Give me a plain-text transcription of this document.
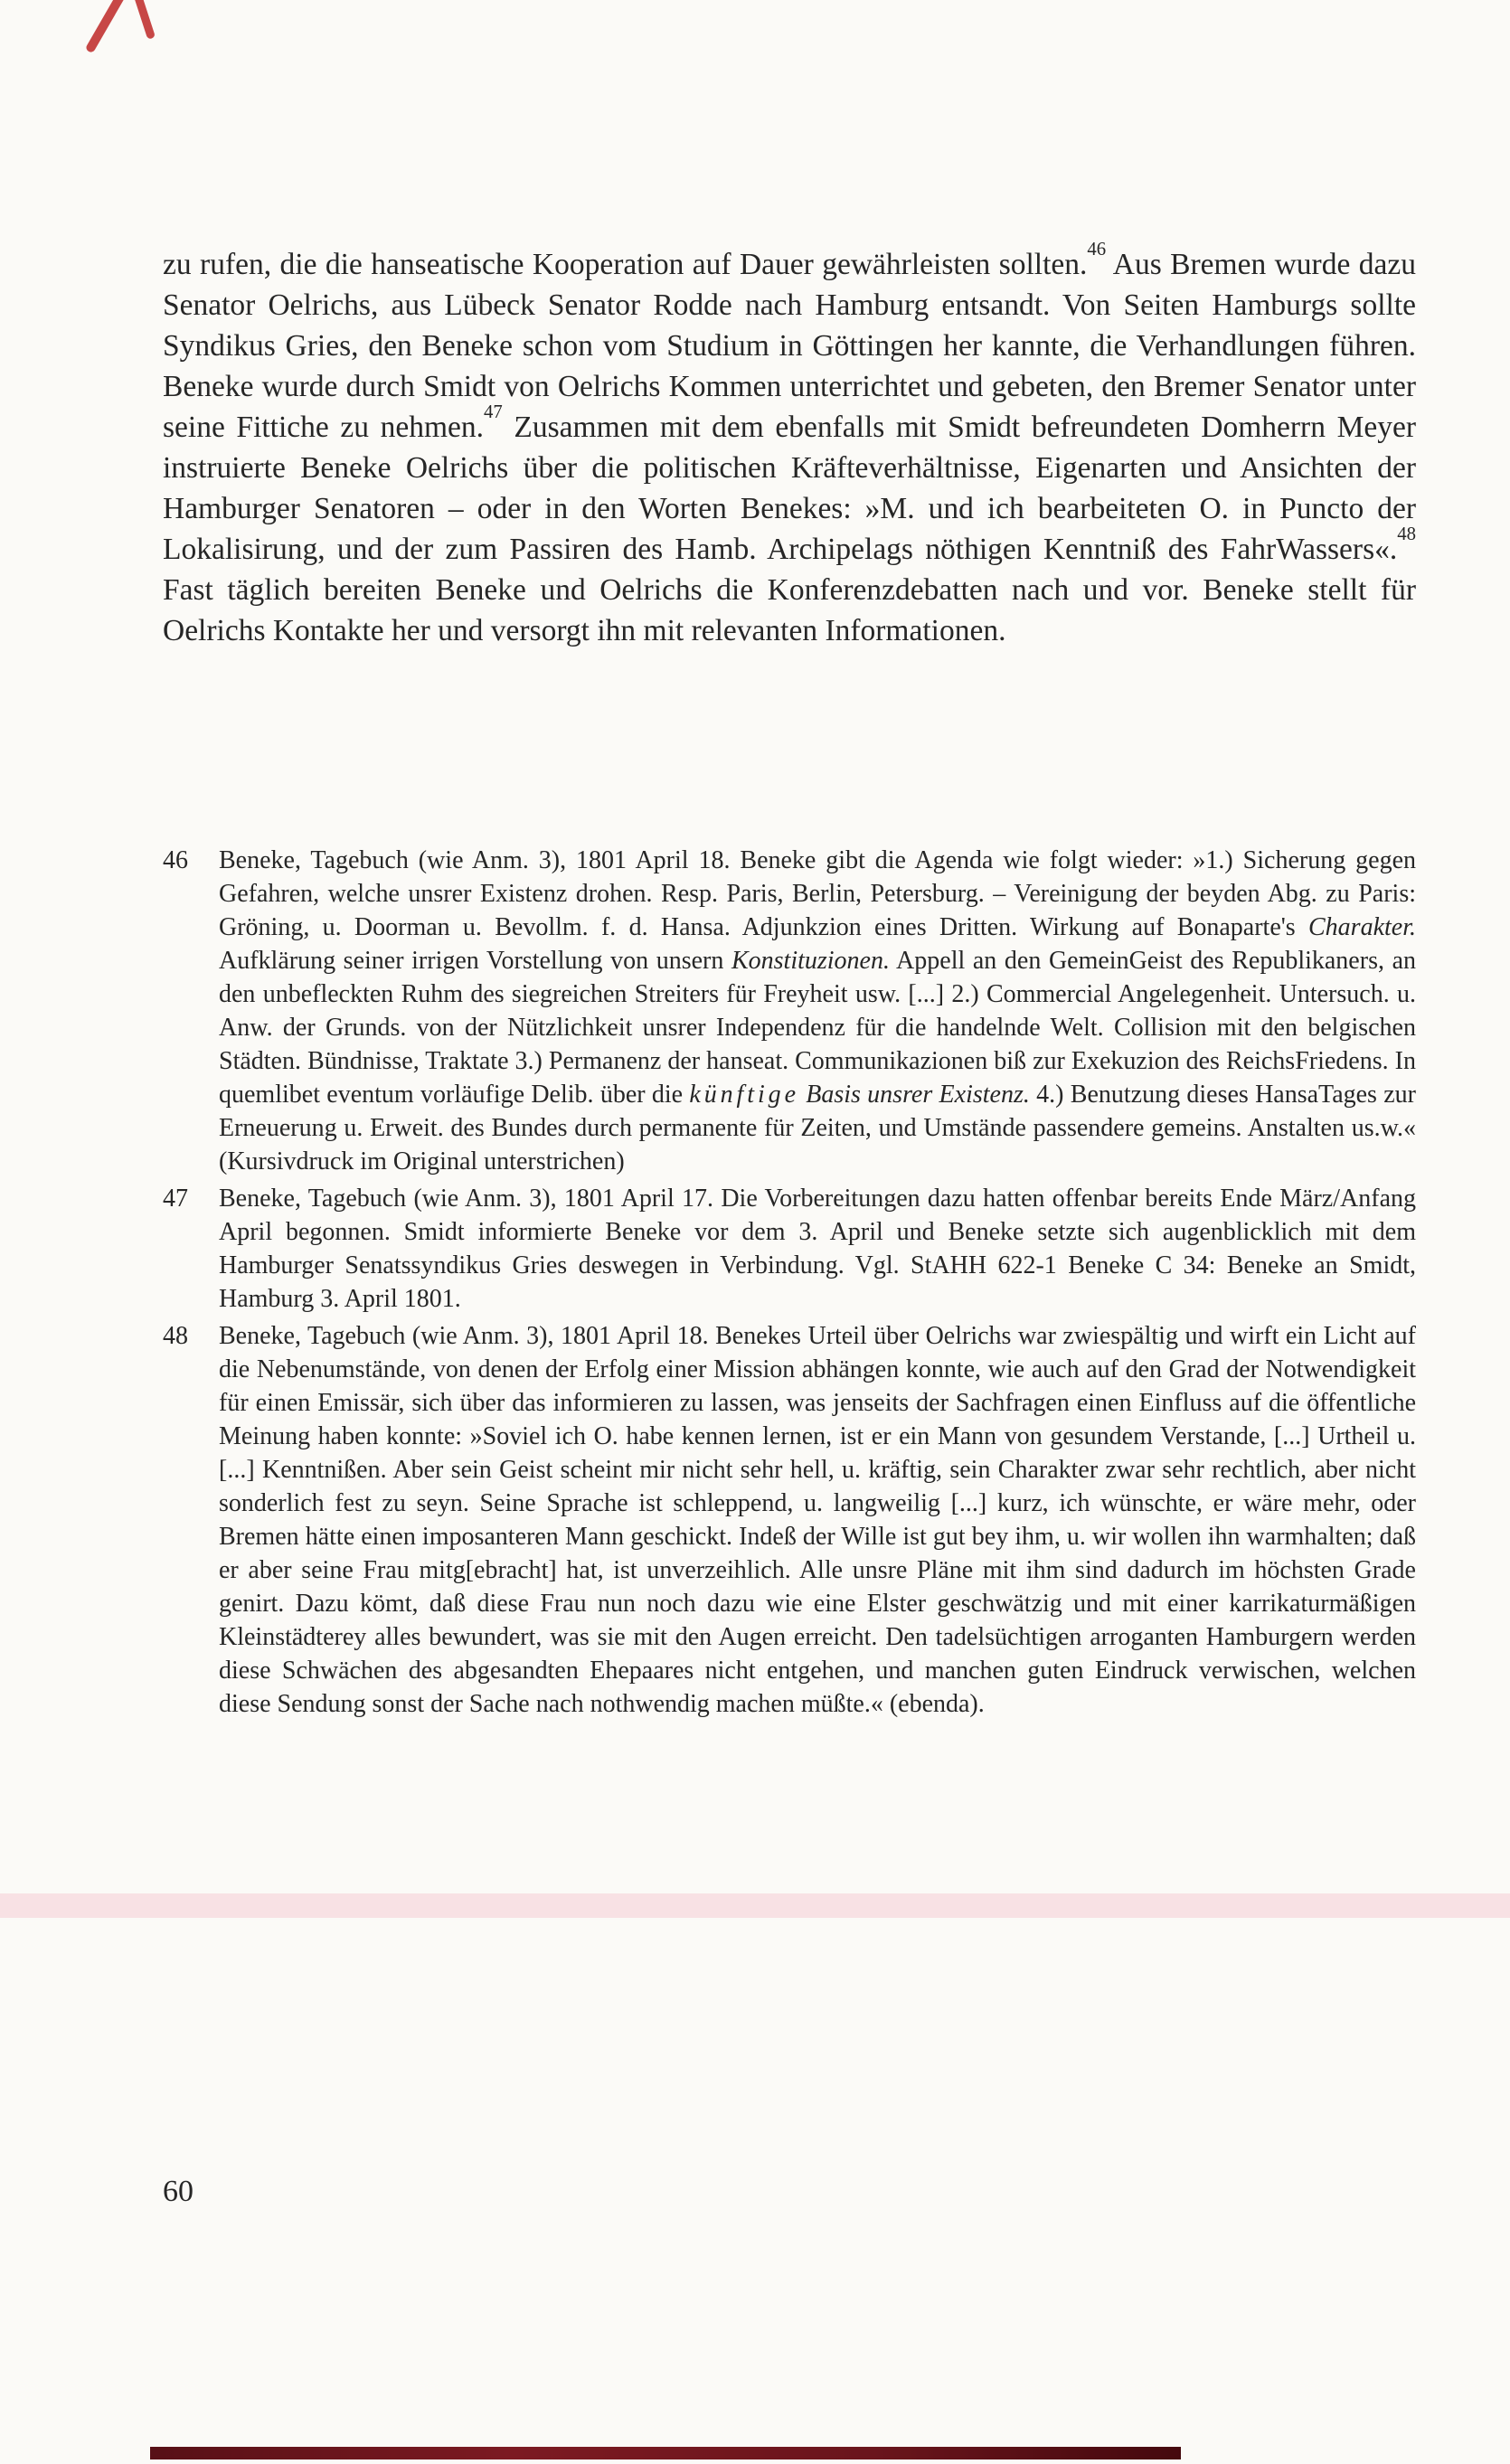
zu rufen, die die hanseatische Kooperation auf Dauer gewährleisten sollten.$^{46}$ Aus Bremen wurde dazu Senator Oelrichs, aus Lübeck Senator Rodde nach Hamburg entsandt. Von Seiten Hamburgs sollte Syndikus Gries, den Beneke schon vom Studium in Göttingen her kannte, die Verhandlungen führen. Beneke wurde durch Smidt von Oelrichs Kommen unterrichtet und gebeten, den Bremer Senator unter seine Fittiche zu nehmen.$^{47}$ Zusammen mit dem ebenfalls mit Smidt befreundeten Domherrn Meyer instruierte Beneke Oelrichs über die politischen Kräfteverhältnisse, Eigenarten und Ansichten der Hamburger Senatoren – oder in den Worten Benekes: »M. und ich bearbeiteten O. in Puncto der Lokalisirung, und der zum Passiren des Hamb. Archipelags nöthigen Kenntniß des FahrWassers«.$^{48}$ Fast täglich bereiten Beneke und Oelrichs die Konferenzdebatten nach und vor. Beneke stellt für Oelrichs Kontakte her und versorgt ihn mit relevanten Informationen.
46	Beneke, Tagebuch (wie Anm. 3), 1801 April 18. Beneke gibt die Agenda wie folgt wieder: »1.) Sicherung gegen Gefahren, welche unsrer Existenz drohen. Resp. Paris, Berlin, Petersburg. – Vereinigung der beyden Abg. zu Paris: Gröning, u. Doorman u. Bevollm. f. d. Hansa. Adjunkzion eines Dritten. Wirkung auf Bonaparte's Charakter. Aufklärung seiner irrigen Vorstellung von unsern Konstituzionen. Appell an den GemeinGeist des Republikaners, an den unbefleckten Ruhm des siegreichen Streiters für Freyheit usw. [...] 2.) Commercial Angelegenheit. Untersuch. u. Anw. der Grunds. von der Nützlichkeit unsrer Independenz für die handelnde Welt. Collision mit den belgischen Städten. Bündnisse, Traktate 3.) Permanenz der hanseat. Communikazionen biß zur Exekuzion des ReichsFriedens. In quemlibet eventum vorläufige Delib. über die künftige Basis unsrer Existenz. 4.) Benutzung dieses HansaTages zur Erneuerung u. Erweit. des Bundes durch permanente für Zeiten, und Umstände passendere gemeins. Anstalten us.w.« (Kursivdruck im Original unterstrichen)
47	Beneke, Tagebuch (wie Anm. 3), 1801 April 17. Die Vorbereitungen dazu hatten offenbar bereits Ende März/Anfang April begonnen. Smidt informierte Beneke vor dem 3. April und Beneke setzte sich augenblicklich mit dem Hamburger Senatssyndikus Gries deswegen in Verbindung. Vgl. StAHH 622-1 Beneke C 34: Beneke an Smidt, Hamburg 3. April 1801.
48	Beneke, Tagebuch (wie Anm. 3), 1801 April 18. Benekes Urteil über Oelrichs war zwiespältig und wirft ein Licht auf die Nebenumstände, von denen der Erfolg einer Mission abhängen konnte, wie auch auf den Grad der Notwendigkeit für einen Emissär, sich über das informieren zu lassen, was jenseits der Sachfragen einen Einfluss auf die öffentliche Meinung haben konnte: »Soviel ich O. habe kennen lernen, ist er ein Mann von gesundem Verstande, [...] Urtheil u. [...] Kenntnißen. Aber sein Geist scheint mir nicht sehr hell, u. kräftig, sein Charakter zwar sehr rechtlich, aber nicht sonderlich fest zu seyn. Seine Sprache ist schleppend, u. langweilig [...] kurz, ich wünschte, er wäre mehr, oder Bremen hätte einen imposanteren Mann geschickt. Indeß der Wille ist gut bey ihm, u. wir wollen ihn warmhalten; daß er aber seine Frau mitg[ebracht] hat, ist unverzeihlich. Alle unsre Pläne mit ihm sind dadurch im höchsten Grade genirt. Dazu kömt, daß diese Frau nun noch dazu wie eine Elster geschwätzig und mit einer karrikaturmäßigen Kleinstädterey alles bewundert, was sie mit den Augen erreicht. Den tadelsüchtigen arroganten Hamburgern werden diese Schwächen des abgesandten Ehepaares nicht entgehen, und manchen guten Eindruck verwischen, welchen diese Sendung sonst der Sache nach nothwendig machen müßte.« (ebenda).
60
